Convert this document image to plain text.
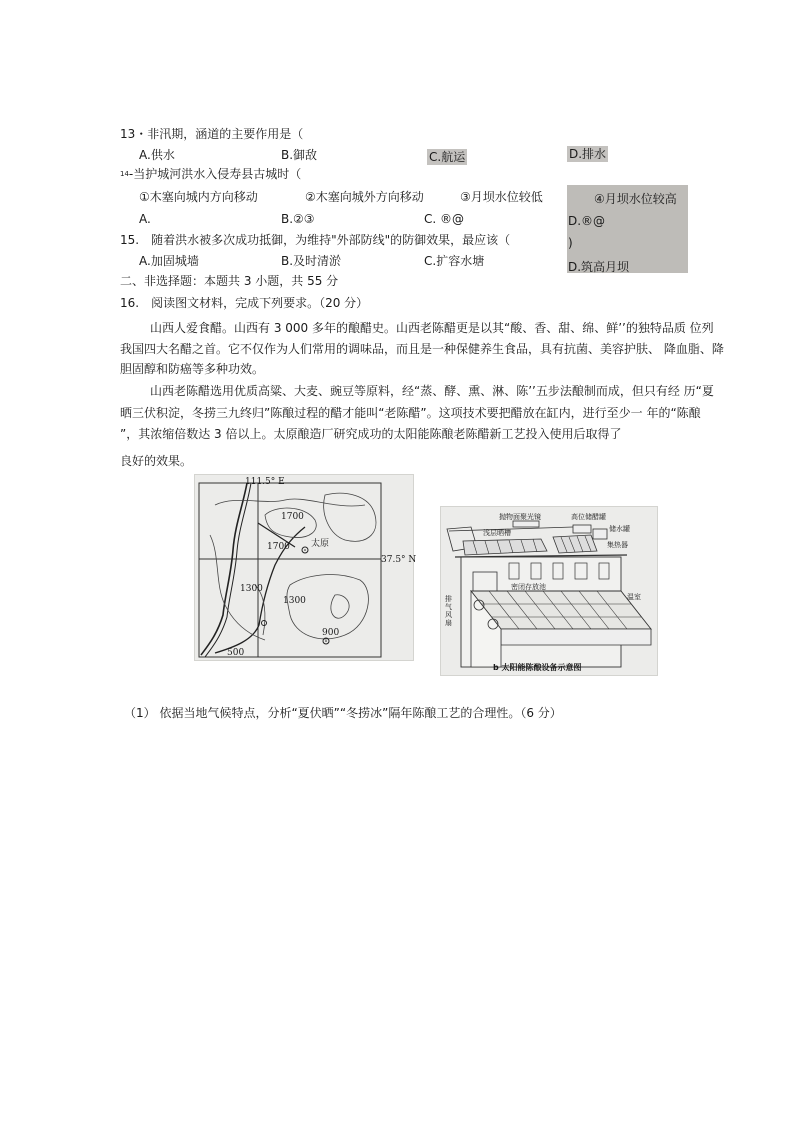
13・非汛期，涵道的主要作用是（
A.供水	B.御敌	C.航运	D.排水
$^{14}$-当护城河洪水入侵寿县古城时（
①木塞向城内方向移动	②木塞向城外方向移动	③月坝水位较低
A.	B.②③	C. ®@
④月坝水位较高
D.®@
)
D.筑高月坝
15.　随着洪水被多次成功抵御，为维持"外部防线"的防御效果，最应该（
A.加固城墙	B.及时清淤	C.扩容水塘
二、非选择题：本题共 3 小题，共 55 分
16.　阅读图文材料，完成下列要求。（20 分）
山西人爱食醋。山西有 3 000 多年的酿醋史。山西老陈醋更是以其“酸、香、甜、绵、鲜’’的独特品质 位列
我国四大名醋之首。它不仅作为人们常用的调味品，而且是一种保健养生食品，具有抗菌、美容护肤、 降血脂、降
胆固醇和防癌等多种功效。
山西老陈醋选用优质高粱、大麦、豌豆等原料，经“蒸、酵、熏、淋、陈’’五步法酿制而成，但只有经 历“夏
晒三伏积淀，冬捞三九终归”陈酿过程的醋才能叫“老陈醋”。这项技术要把醋放在缸内，进行至少一 年的“陈酿
”，其浓缩倍数达 3 倍以上。太原酿造厂研究成功的太阳能陈酿老陈醋新工艺投入使用后取得了
良好的效果。
111.5° E
37.5° N
太原
1700
1700
1300
1300
900
500
抛物面聚光镜	高位储醋罐
储水罐
浅层晒槽
集热器
密闭存放池
排气风扇
温室
b 太阳能陈酿设备示意图
（1） 依据当地气候特点，分析“夏伏晒”“冬捞冰”隔年陈酿工艺的合理性。（6 分）
